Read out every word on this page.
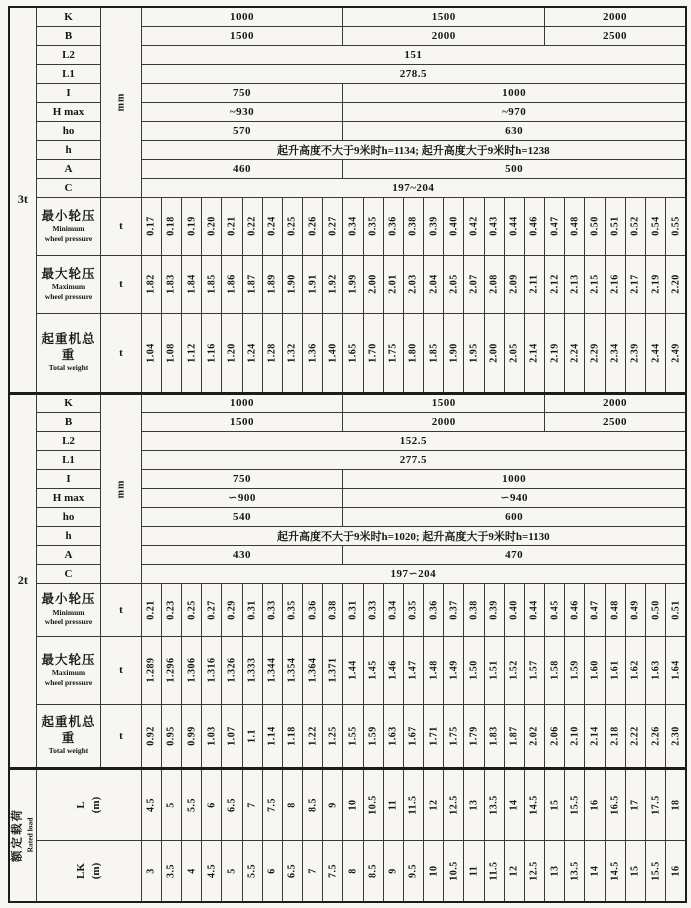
3t	K	mm	1000										1500										2000						
	B		1500										2000										2500						
	L2		151																										
	L1		278.5																										
	I		750										1000																
	H max		~930										~970																
	ho		570										630																
	h		起升高度不大于9米时h=1134; 起升高度大于9米时h=1238																										
	A		460										500																
	C		197~204																										

	最小轮压
Minimum wheel pressure	t	0.17	0.18	0.19	0.20	0.21	0.22	0.24	0.25	0.26	0.27	0.34	0.35	0.36	0.38	0.39	0.40	0.42	0.43	0.44	0.46	0.47	0.48	0.50	0.51	0.52	0.54	0.55

	最大轮压
Maximum wheel pressure	t	1.82	1.83	1.84	1.85	1.86	1.87	1.89	1.90	1.91	1.92	1.99	2.00	2.01	2.03	2.04	2.05	2.07	2.08	2.09	2.11	2.12	2.13	2.15	2.16	2.17	2.19	2.20

	起重机总重
Total weight	t	1.04	1.08	1.12	1.16	1.20	1.24	1.28	1.32	1.36	1.40	1.65	1.70	1.75	1.80	1.85	1.90	1.95	2.00	2.05	2.14	2.19	2.24	2.29	2.34	2.39	2.44	2.49

2t	K	mm	1000										1500										2000						
	B		1500										2000										2500						
	L2		152.5																										
	L1		277.5																										
	I		750										1000																
	H max		∽900										∽940																
	ho		540										600																
	h		起升高度不大于9米时h=1020; 起升高度大于9米时h=1130																										
	A		430										470																
	C		197∽204																										

	最小轮压
Minimum wheel pressure	t	0.21	0.23	0.25	0.27	0.29	0.31	0.33	0.35	0.36	0.38	0.31	0.33	0.34	0.35	0.36	0.37	0.38	0.39	0.40	0.44	0.45	0.46	0.47	0.48	0.49	0.50	0.51

	最大轮压
Maximum wheel pressure	t	1.289	1.296	1.306	1.316	1.326	1.333	1.344	1.354	1.364	1.371	1.44	1.45	1.46	1.47	1.48	1.49	1.50	1.51	1.52	1.57	1.58	1.59	1.60	1.61	1.62	1.63	1.64

	起重机总重
Total weight	t	0.92	0.95	0.99	1.03	1.07	1.1	1.14	1.18	1.22	1.25	1.55	1.59	1.63	1.67	1.71	1.75	1.79	1.83	1.87	2.02	2.06	2.10	2.14	2.18	2.22	2.26	2.30

额定载荷 Rated load

L (m)	4.5	5	5.5	6	6.5	7	7.5	8	8.5	9	10	10.5	11	11.5	12	12.5	13	13.5	14	14.5	15	15.5	16	16.5	17	17.5	18

	LK (m)		3	3.5	4	4.5	5	5.5	6	6.5	7	7.5	8	8.5	9	9.5	10	10.5	11	11.5	12	12.5	13	13.5	14	14.5	15	15.5	16
